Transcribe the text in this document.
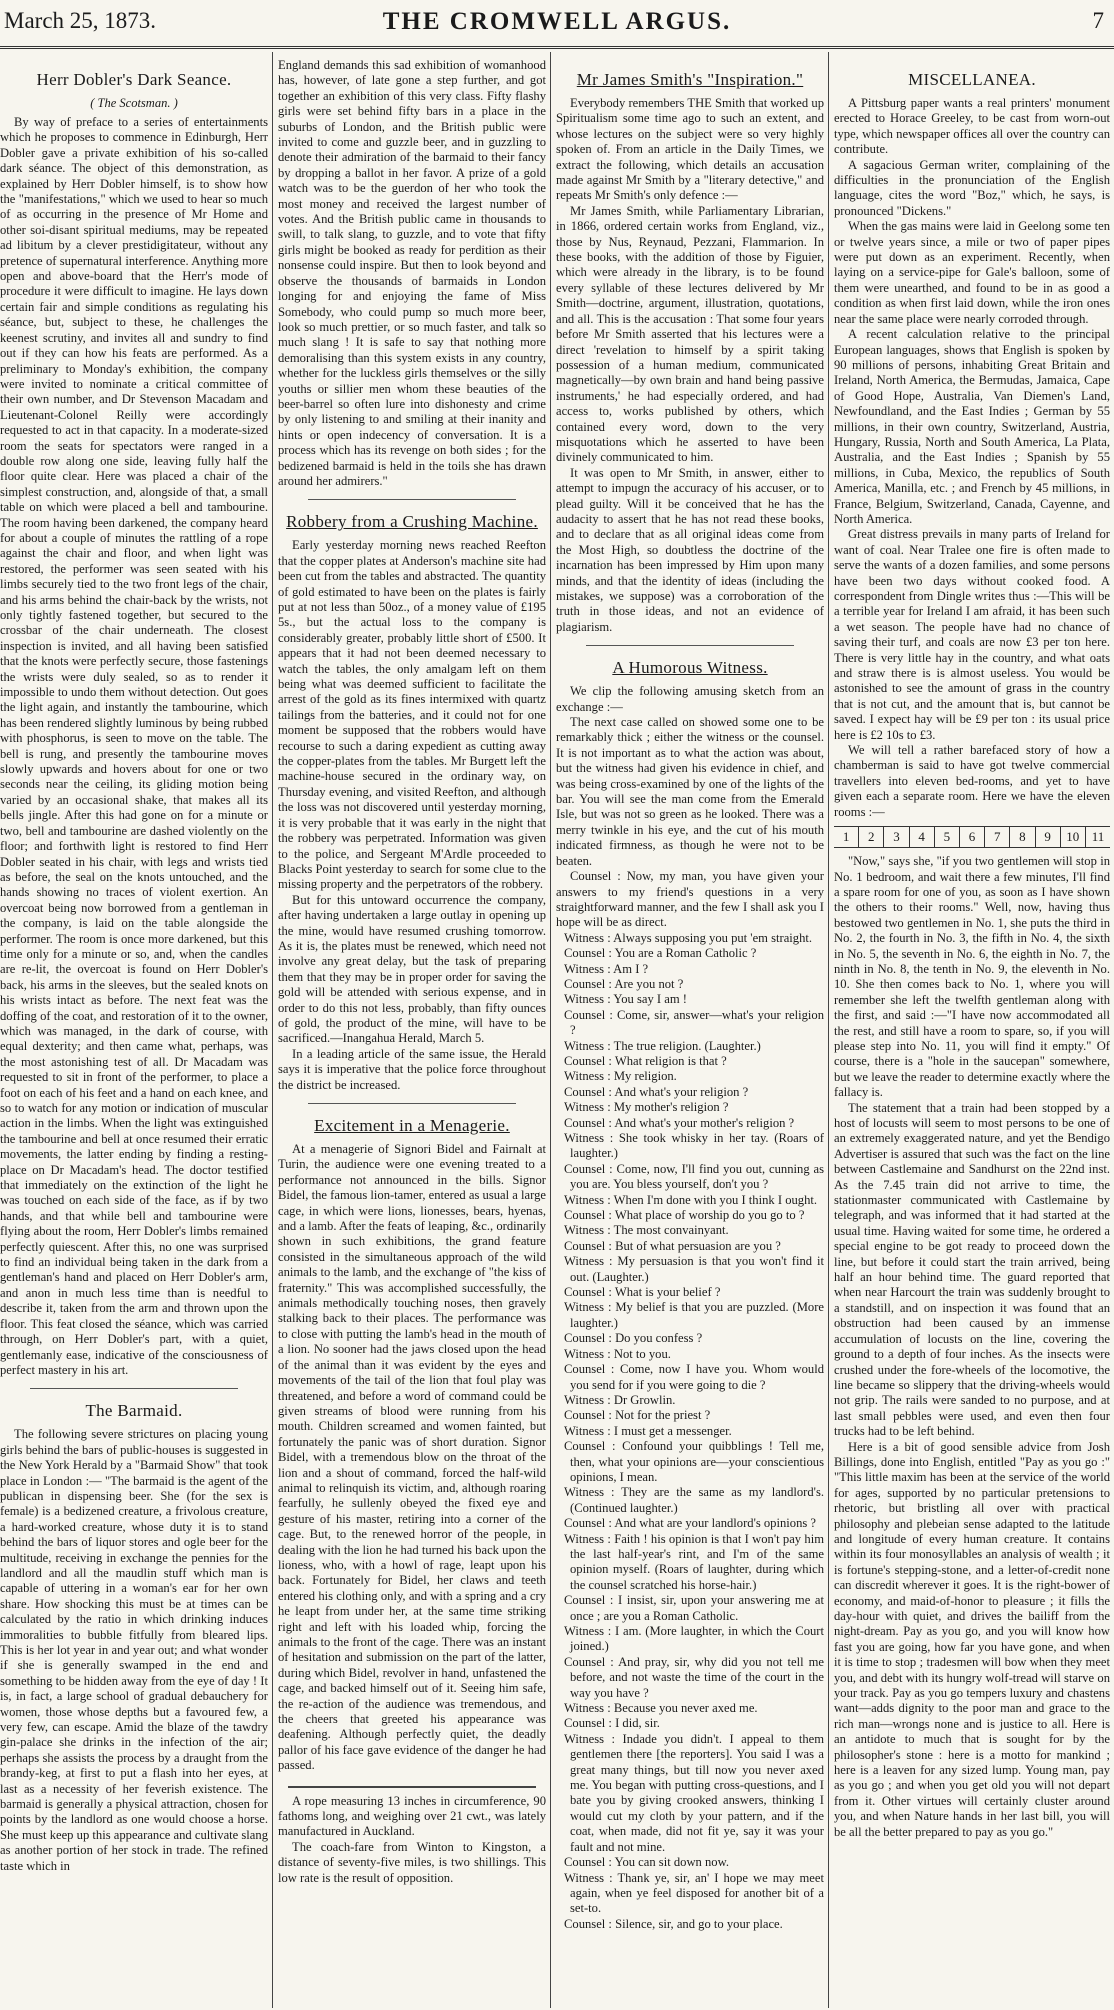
March 25, 1873.	THE CROMWELL ARGUS.	7
Herr Dobler's Dark Seance.
( The Scotsman. )

By way of preface to a series of entertainments which he proposes to commence in Edinburgh, Herr Dobler gave a private exhibition of his so-called dark séance. The object of this demonstration, as explained by Herr Dobler himself, is to show how the "manifestations," which we used to hear so much of as occurring in the presence of Mr Home and other soi-disant spiritual mediums, may be repeated ad libitum by a clever prestidigitateur, without any pretence of supernatural interference. Anything more open and above-board that the Herr's mode of procedure it were difficult to imagine. He lays down certain fair and simple conditions as regulating his séance, but, subject to these, he challenges the keenest scrutiny, and invites all and sundry to find out if they can how his feats are performed. As a preliminary to Monday's exhibition, the company were invited to nominate a critical committee of their own number, and Dr Stevenson Macadam and Lieutenant-Colonel Reilly were accordingly requested to act in that capacity. In a moderate-sized room the seats for spectators were ranged in a double row along one side, leaving fully half the floor quite clear. Here was placed a chair of the simplest construction, and, alongside of that, a small table on which were placed a bell and tambourine. The room having been darkened, the company heard for about a couple of minutes the rattling of a rope against the chair and floor, and when light was restored, the performer was seen seated with his limbs securely tied to the two front legs of the chair, and his arms behind the chair-back by the wrists, not only tightly fastened together, but secured to the crossbar of the chair underneath. The closest inspection is invited, and all having been satisfied that the knots were perfectly secure, those fastenings the wrists were duly sealed, so as to render it impossible to undo them without detection. Out goes the light again, and instantly the tambourine, which has been rendered slightly luminous by being rubbed with phosphorus, is seen to move on the table. The bell is rung, and presently the tambourine moves slowly upwards and hovers about for one or two seconds near the ceiling, its gliding motion being varied by an occasional shake, that makes all its bells jingle. After this had gone on for a minute or two, bell and tambourine are dashed violently on the floor; and forthwith light is restored to find Herr Dobler seated in his chair, with legs and wrists tied as before, the seal on the knots untouched, and the hands showing no traces of violent exertion. An overcoat being now borrowed from a gentleman in the company, is laid on the table alongside the performer. The room is once more darkened, but this time only for a minute or so, and, when the candles are re-lit, the overcoat is found on Herr Dobler's back, his arms in the sleeves, but the sealed knots on his wrists intact as before. The next feat was the doffing of the coat, and restoration of it to the owner, which was managed, in the dark of course, with equal dexterity; and then came what, perhaps, was the most astonishing test of all. Dr Macadam was requested to sit in front of the performer, to place a foot on each of his feet and a hand on each knee, and so to watch for any motion or indication of muscular action in the limbs. When the light was extinguished the tambourine and bell at once resumed their erratic movements, the latter ending by finding a resting-place on Dr Macadam's head. The doctor testified that immediately on the extinction of the light he was touched on each side of the face, as if by two hands, and that while bell and tambourine were flying about the room, Herr Dobler's limbs remained perfectly quiescent. After this, no one was surprised to find an individual being taken in the dark from a gentleman's hand and placed on Herr Dobler's arm, and anon in much less time than is needful to describe it, taken from the arm and thrown upon the floor. This feat closed the séance, which was carried through, on Herr Dobler's part, with a quiet, gentlemanly ease, indicative of the consciousness of perfect mastery in his art.

The Barmaid.

The following severe strictures on placing young girls behind the bars of public-houses is suggested in the New York Herald by a "Barmaid Show" that took place in London :— "The barmaid is the agent of the publican in dispensing beer. She (for the sex is female) is a bedizened creature, a frivolous creature, a hard-worked creature, whose duty it is to stand behind the bars of liquor stores and ogle beer for the multitude, receiving in exchange the pennies for the landlord and all the maudlin stuff which man is capable of uttering in a woman's ear for her own share. How shocking this must be at times can be calculated by the ratio in which drinking induces immoralities to bubble fitfully from bleared lips. This is her lot year in and year out; and what wonder if she is generally swamped in the end and something to be hidden away from the eye of day ! It is, in fact, a large school of gradual debauchery for women, those whose depths but a favoured few, a very few, can escape. Amid the blaze of the tawdry gin-palace she drinks in the infection of the air; perhaps she assists the process by a draught from the brandy-keg, at first to put a flash into her eyes, at last as a necessity of her feverish existence. The barmaid is generally a physical attraction, chosen for points by the landlord as one would choose a horse. She must keep up this appearance and cultivate slang as another portion of her stock in trade. The refined taste which in

England demands this sad exhibition of womanhood has, however, of late gone a step further, and got together an exhibition of this very class. Fifty flashy girls were set behind fifty bars in a place in the suburbs of London, and the British public were invited to come and guzzle beer, and in guzzling to denote their admiration of the barmaid to their fancy by dropping a ballot in her favor. A prize of a gold watch was to be the guerdon of her who took the most money and received the largest number of votes. And the British public came in thousands to swill, to talk slang, to guzzle, and to vote that fifty girls might be booked as ready for perdition as their nonsense could inspire. But then to look beyond and observe the thousands of barmaids in London longing for and enjoying the fame of Miss Somebody, who could pump so much more beer, look so much prettier, or so much faster, and talk so much slang ! It is safe to say that nothing more demoralising than this system exists in any country, whether for the luckless girls themselves or the silly youths or sillier men whom these beauties of the beer-barrel so often lure into dishonesty and crime by only listening to and smiling at their inanity and hints or open indecency of conversation. It is a process which has its revenge on both sides ; for the bedizened barmaid is held in the toils she has drawn around her admirers."

Robbery from a Crushing Machine.

Early yesterday morning news reached Reefton that the copper plates at Anderson's machine site had been cut from the tables and abstracted. The quantity of gold estimated to have been on the plates is fairly put at not less than 50oz., of a money value of £195 5s., but the actual loss to the company is considerably greater, probably little short of £500. It appears that it had not been deemed necessary to watch the tables, the only amalgam left on them being what was deemed sufficient to facilitate the arrest of the gold as its fines intermixed with quartz tailings from the batteries, and it could not for one moment be supposed that the robbers would have recourse to such a daring expedient as cutting away the copper-plates from the tables. Mr Burgett left the machine-house secured in the ordinary way, on Thursday evening, and visited Reefton, and although the loss was not discovered until yesterday morning, it is very probable that it was early in the night that the robbery was perpetrated. Information was given to the police, and Sergeant M'Ardle proceeded to Blacks Point yesterday to search for some clue to the missing property and the perpetrators of the robbery.

But for this untoward occurrence the company, after having undertaken a large outlay in opening up the mine, would have resumed crushing tomorrow. As it is, the plates must be renewed, which need not involve any great delay, but the task of preparing them that they may be in proper order for saving the gold will be attended with serious expense, and in order to do this not less, probably, than fifty ounces of gold, the product of the mine, will have to be sacrificed.—Inangahua Herald, March 5.

In a leading article of the same issue, the Herald says it is imperative that the police force throughout the district be increased.

Excitement in a Menagerie.

At a menagerie of Signori Bidel and Fairnalt at Turin, the audience were one evening treated to a performance not announced in the bills. Signor Bidel, the famous lion-tamer, entered as usual a large cage, in which were lions, lionesses, bears, hyenas, and a lamb. After the feats of leaping, &c., ordinarily shown in such exhibitions, the grand feature consisted in the simultaneous approach of the wild animals to the lamb, and the exchange of "the kiss of fraternity." This was accomplished successfully, the animals methodically touching noses, then gravely stalking back to their places. The performance was to close with putting the lamb's head in the mouth of a lion. No sooner had the jaws closed upon the head of the animal than it was evident by the eyes and movements of the tail of the lion that foul play was threatened, and before a word of command could be given streams of blood were running from his mouth. Children screamed and women fainted, but fortunately the panic was of short duration. Signor Bidel, with a tremendous blow on the throat of the lion and a shout of command, forced the half-wild animal to relinquish its victim, and, although roaring fearfully, he sullenly obeyed the fixed eye and gesture of his master, retiring into a corner of the cage. But, to the renewed horror of the people, in dealing with the lion he had turned his back upon the lioness, who, with a howl of rage, leapt upon his back. Fortunately for Bidel, her claws and teeth entered his clothing only, and with a spring and a cry he leapt from under her, at the same time striking right and left with his loaded whip, forcing the animals to the front of the cage. There was an instant of hesitation and submission on the part of the latter, during which Bidel, revolver in hand, unfastened the cage, and backed himself out of it. Seeing him safe, the re-action of the audience was tremendous, and the cheers that greeted his appearance was deafening. Although perfectly quiet, the deadly pallor of his face gave evidence of the danger he had passed.

A rope measuring 13 inches in circumference, 90 fathoms long, and weighing over 21 cwt., was lately manufactured in Auckland.

The coach-fare from Winton to Kingston, a distance of seventy-five miles, is two shillings. This low rate is the result of opposition.

Mr James Smith's "Inspiration."

Everybody remembers THE Smith that worked up Spiritualism some time ago to such an extent, and whose lectures on the subject were so very highly spoken of. From an article in the Daily Times, we extract the following, which details an accusation made against Mr Smith by a "literary detective," and repeats Mr Smith's only defence :—

Mr James Smith, while Parliamentary Librarian, in 1866, ordered certain works from England, viz., those by Nus, Reynaud, Pezzani, Flammarion. In these books, with the addition of those by Figuier, which were already in the library, is to be found every syllable of these lectures delivered by Mr Smith—doctrine, argument, illustration, quotations, and all. This is the accusation : That some four years before Mr Smith asserted that his lectures were a direct 'revelation to himself by a spirit taking possession of a human medium, communicated magnetically—by own brain and hand being passive instruments,' he had especially ordered, and had access to, works published by others, which contained every word, down to the very misquotations which he asserted to have been divinely communicated to him.

It was open to Mr Smith, in answer, either to attempt to impugn the accuracy of his accuser, or to plead guilty. Will it be conceived that he has the audacity to assert that he has not read these books, and to declare that as all original ideas come from the Most High, so doubtless the doctrine of the incarnation has been impressed by Him upon many minds, and that the identity of ideas (including the mistakes, we suppose) was a corroboration of the truth in those ideas, and not an evidence of plagiarism.

A Humorous Witness.

We clip the following amusing sketch from an exchange :—

The next case called on showed some one to be remarkably thick ; either the witness or the counsel. It is not important as to what the action was about, but the witness had given his evidence in chief, and was being cross-examined by one of the lights of the bar. You will see the man come from the Emerald Isle, but was not so green as he looked. There was a merry twinkle in his eye, and the cut of his mouth indicated firmness, as though he were not to be beaten.

Counsel : Now, my man, you have given your answers to my friend's questions in a very straightforward manner, and the few I shall ask you I hope will be as direct.

Witness : Always supposing you put 'em straight.

Counsel : You are a Roman Catholic ?

Witness : Am I ?

Counsel : Are you not ?

Witness : You say I am !

Counsel : Come, sir, answer—what's your religion ?

Witness : The true religion. (Laughter.)

Counsel : What religion is that ?

Witness : My religion.

Counsel : And what's your religion ?

Witness : My mother's religion ?

Counsel : And what's your mother's religion ?

Witness : She took whisky in her tay. (Roars of laughter.)

Counsel : Come, now, I'll find you out, cunning as you are. You bless yourself, don't you ?

Witness : When I'm done with you I think I ought.

Counsel : What place of worship do you go to ?

Witness : The most convainyant.

Counsel : But of what persuasion are you ?

Witness : My persuasion is that you won't find it out. (Laughter.)

Counsel : What is your belief ?

Witness : My belief is that you are puzzled. (More laughter.)

Counsel : Do you confess ?

Witness : Not to you.

Counsel : Come, now I have you. Whom would you send for if you were going to die ?

Witness : Dr Growlin.

Counsel : Not for the priest ?

Witness : I must get a messenger.

Counsel : Confound your quibblings ! Tell me, then, what your opinions are—your conscientious opinions, I mean.

Witness : They are the same as my landlord's. (Continued laughter.)

Counsel : And what are your landlord's opinions ?

Witness : Faith ! his opinion is that I won't pay him the last half-year's rint, and I'm of the same opinion myself. (Roars of laughter, during which the counsel scratched his horse-hair.)

Counsel : I insist, sir, upon your answering me at once ; are you a Roman Catholic.

Witness : I am. (More laughter, in which the Court joined.)

Counsel : And pray, sir, why did you not tell me before, and not waste the time of the court in the way you have ?

Witness : Because you never axed me.

Counsel : I did, sir.

Witness : Indade you didn't. I appeal to them gentlemen there [the reporters]. You said I was a great many things, but till now you never axed me. You began with putting cross-questions, and I bate you by giving crooked answers, thinking I would cut my cloth by your pattern, and if the coat, when made, did not fit ye, say it was your fault and not mine.

Counsel : You can sit down now.

Witness : Thank ye, sir, an' I hope we may meet again, when ye feel disposed for another bit of a set-to.

Counsel : Silence, sir, and go to your place.

MISCELLANEA.

A Pittsburg paper wants a real printers' monument erected to Horace Greeley, to be cast from worn-out type, which newspaper offices all over the country can contribute.

A sagacious German writer, complaining of the difficulties in the pronunciation of the English language, cites the word "Boz," which, he says, is pronounced "Dickens."

When the gas mains were laid in Geelong some ten or twelve years since, a mile or two of paper pipes were put down as an experiment. Recently, when laying on a service-pipe for Gale's balloon, some of them were unearthed, and found to be in as good a condition as when first laid down, while the iron ones near the same place were nearly corroded through.

A recent calculation relative to the principal European languages, shows that English is spoken by 90 millions of persons, inhabiting Great Britain and Ireland, North America, the Bermudas, Jamaica, Cape of Good Hope, Australia, Van Diemen's Land, Newfoundland, and the East Indies ; German by 55 millions, in their own country, Switzerland, Austria, Hungary, Russia, North and South America, La Plata, Australia, and the East Indies ; Spanish by 55 millions, in Cuba, Mexico, the republics of South America, Manilla, etc. ; and French by 45 millions, in France, Belgium, Switzerland, Canada, Cayenne, and North America.

Great distress prevails in many parts of Ireland for want of coal. Near Tralee one fire is often made to serve the wants of a dozen families, and some persons have been two days without cooked food. A correspondent from Dingle writes thus :—This will be a terrible year for Ireland I am afraid, it has been such a wet season. The people have had no chance of saving their turf, and coals are now £3 per ton here. There is very little hay in the country, and what oats and straw there is is almost useless. You would be astonished to see the amount of grass in the country that is not cut, and the amount that is, but cannot be saved. I expect hay will be £9 per ton : its usual price here is £2 10s to £3.

We will tell a rather barefaced story of how a chamberman is said to have got twelve commercial travellers into eleven bed-rooms, and yet to have given each a separate room. Here we have the eleven rooms :—

1	2	3	4	5	6	7	8	9	10 11

"Now," says she, "if you two gentlemen will stop in No. 1 bedroom, and wait there a few minutes, I'll find a spare room for one of you, as soon as I have shown the others to their rooms." Well, now, having thus bestowed two gentlemen in No. 1, she puts the third in No. 2, the fourth in No. 3, the fifth in No. 4, the sixth in No. 5, the seventh in No. 6, the eighth in No. 7, the ninth in No. 8, the tenth in No. 9, the eleventh in No. 10. She then comes back to No. 1, where you will remember she left the twelfth gentleman along with the first, and said :—"I have now accommodated all the rest, and still have a room to spare, so, if you will please step into No. 11, you will find it empty." Of course, there is a "hole in the saucepan" somewhere, but we leave the reader to determine exactly where the fallacy is.

The statement that a train had been stopped by a host of locusts will seem to most persons to be one of an extremely exaggerated nature, and yet the Bendigo Advertiser is assured that such was the fact on the line between Castlemaine and Sandhurst on the 22nd inst. As the 7.45 train did not arrive to time, the stationmaster communicated with Castlemaine by telegraph, and was informed that it had started at the usual time. Having waited for some time, he ordered a special engine to be got ready to proceed down the line, but before it could start the train arrived, being half an hour behind time. The guard reported that when near Harcourt the train was suddenly brought to a standstill, and on inspection it was found that an obstruction had been caused by an immense accumulation of locusts on the line, covering the ground to a depth of four inches. As the insects were crushed under the fore-wheels of the locomotive, the line became so slippery that the driving-wheels would not grip. The rails were sanded to no purpose, and at last small pebbles were used, and even then four trucks had to be left behind.

Here is a bit of good sensible advice from Josh Billings, done into English, entitled "Pay as you go :" "This little maxim has been at the service of the world for ages, supported by no particular pretensions to rhetoric, but bristling all over with practical philosophy and plebeian sense adapted to the latitude and longitude of every human creature. It contains within its four monosyllables an analysis of wealth ; it is fortune's stepping-stone, and a letter-of-credit none can discredit wherever it goes. It is the right-bower of economy, and maid-of-honor to pleasure ; it fills the day-hour with quiet, and drives the bailiff from the night-dream. Pay as you go, and you will know how fast you are going, how far you have gone, and when it is time to stop ; tradesmen will bow when they meet you, and debt with its hungry wolf-tread will starve on your track. Pay as you go tempers luxury and chastens want—adds dignity to the poor man and grace to the rich man—wrongs none and is justice to all. Here is an antidote to much that is sought for by the philosopher's stone : here is a motto for mankind ; here is a leaven for any sized lump. Young man, pay as you go ; and when you get old you will not depart from it. Other virtues will certainly cluster around you, and when Nature hands in her last bill, you will be all the better prepared to pay as you go."
